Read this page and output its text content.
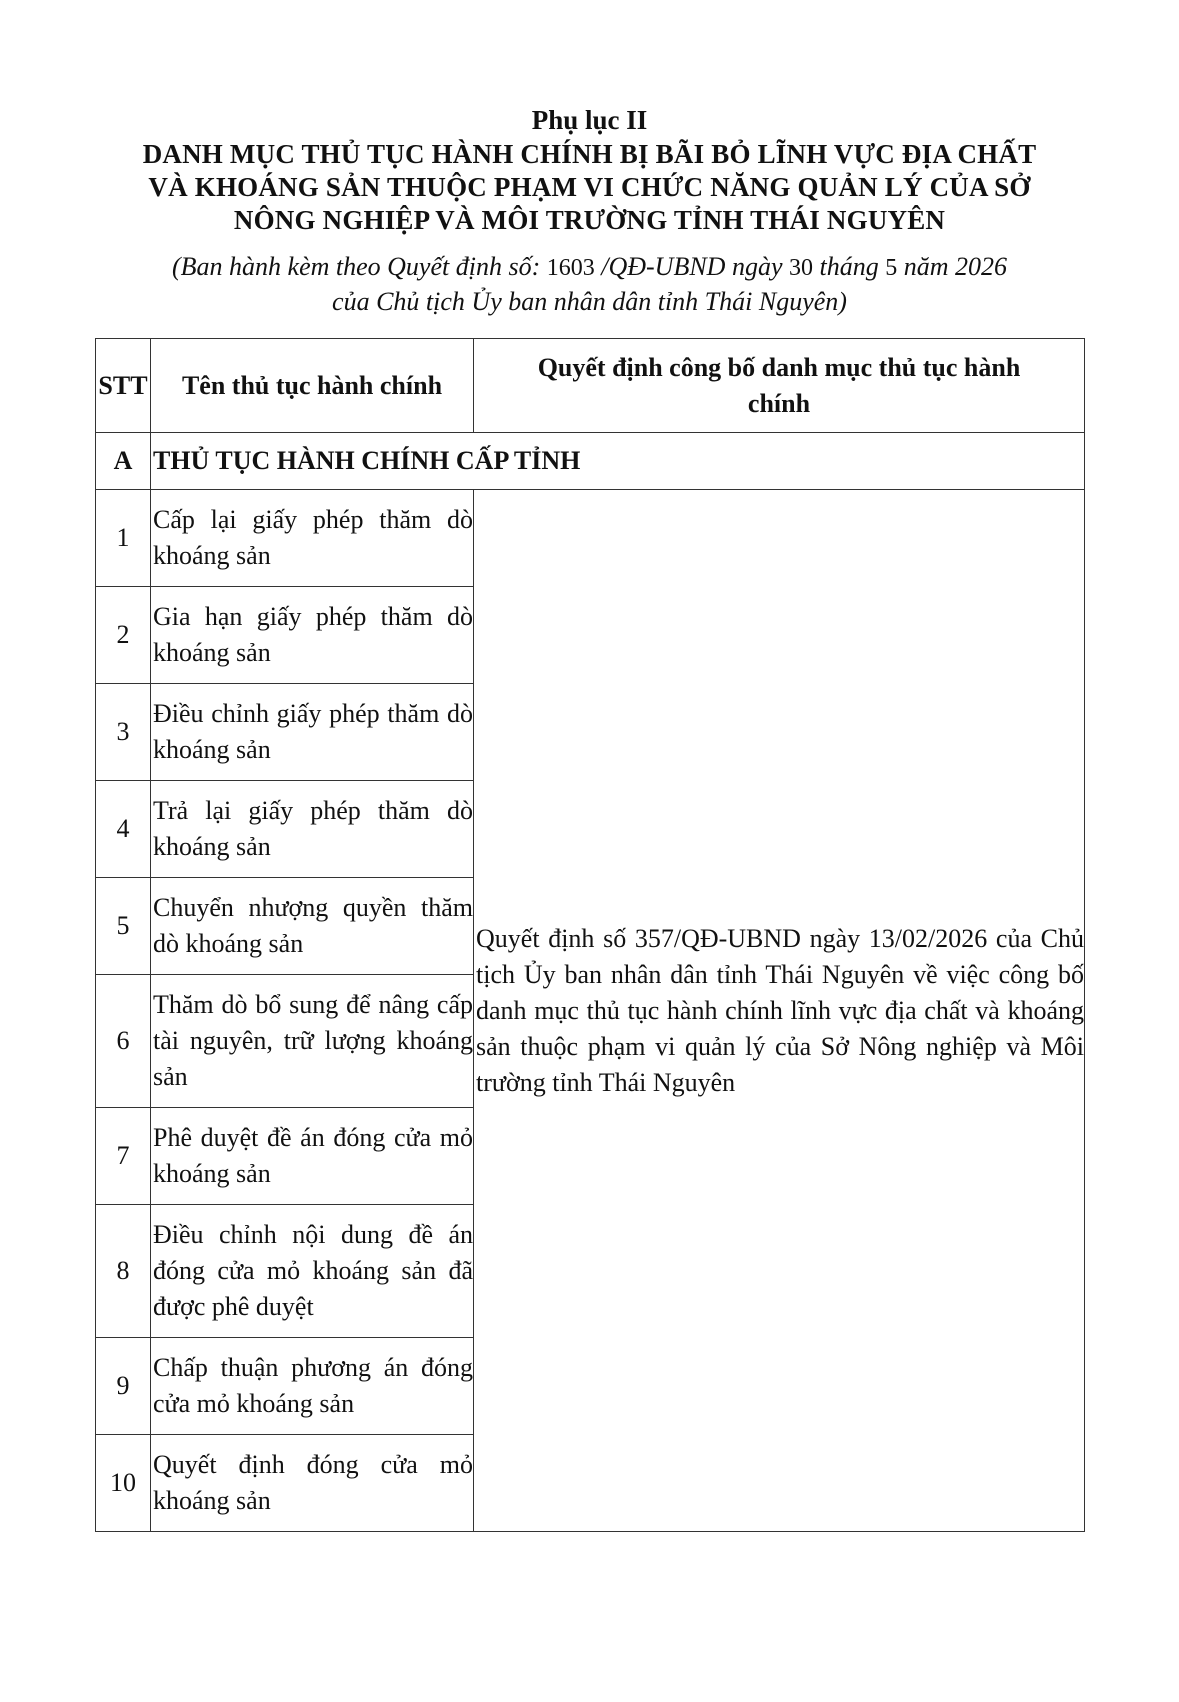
Phụ lục II
DANH MỤC THỦ TỤC HÀNH CHÍNH BỊ BÃI BỎ LĨNH VỰC ĐỊA CHẤT
VÀ KHOÁNG SẢN THUỘC PHẠM VI CHỨC NĂNG QUẢN LÝ CỦA SỞ
NÔNG NGHIỆP VÀ MÔI TRƯỜNG TỈNH THÁI NGUYÊN
(Ban hành kèm theo Quyết định số: 1603 /QĐ-UBND ngày 30 tháng 5 năm 2026
của Chủ tịch Ủy ban nhân dân tỉnh Thái Nguyên)
STT	Tên thủ tục hành chính	Quyết định công bố danh mục thủ tục hành chính
A	THỦ TỤC HÀNH CHÍNH CẤP TỈNH	
1	Cấp lại giấy phép thăm dò khoáng sản	Quyết định số 357/QĐ-UBND ngày 13/02/2026 của Chủ tịch Ủy ban nhân dân tỉnh Thái Nguyên về việc công bố danh mục thủ tục hành chính lĩnh vực địa chất và khoáng sản thuộc phạm vi quản lý của Sở Nông nghiệp và Môi trường tỉnh Thái Nguyên
2	Gia hạn giấy phép thăm dò khoáng sản	
3	Điều chỉnh giấy phép thăm dò khoáng sản	
4	Trả lại giấy phép thăm dò khoáng sản	
5	Chuyển nhượng quyền thăm dò khoáng sản	
6	Thăm dò bổ sung để nâng cấp tài nguyên, trữ lượng khoáng sản	
7	Phê duyệt đề án đóng cửa mỏ khoáng sản	
8	Điều chỉnh nội dung đề án đóng cửa mỏ khoáng sản đã được phê duyệt	
9	Chấp thuận phương án đóng cửa mỏ khoáng sản	
10	Quyết định đóng cửa mỏ khoáng sản	
